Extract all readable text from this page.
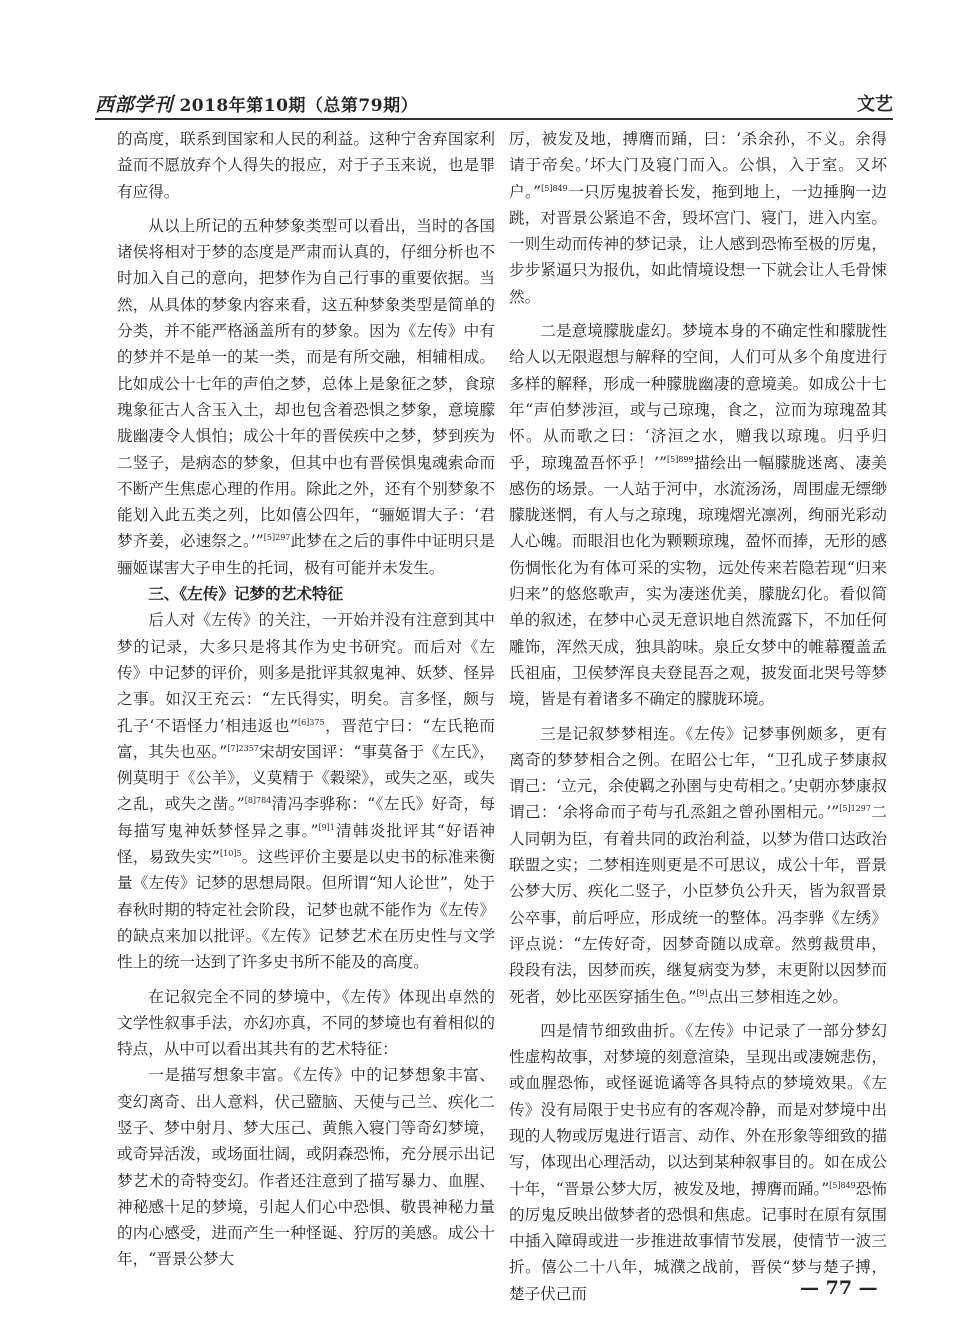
西部学刊 2018年第10期（总第79期）	文艺

的高度，联系到国家和人民的利益。这种宁舍弃国家利益而不愿放弃个人得失的报应，对于子玉来说，也是罪有应得。

从以上所记的五种梦象类型可以看出，当时的各国诸侯将相对于梦的态度是严肃而认真的，仔细分析也不时加入自己的意向，把梦作为自己行事的重要依据。当然，从具体的梦象内容来看，这五种梦象类型是简单的分类，并不能严格涵盖所有的梦象。因为《左传》中有的梦并不是单一的某一类，而是有所交融，相辅相成。比如成公十七年的声伯之梦，总体上是象征之梦，食琼瑰象征古人含玉入土，却也包含着恐惧之梦象，意境朦胧幽凄令人惧怕；成公十年的晋侯疾中之梦，梦到疾为二竖子，是病态的梦象，但其中也有晋侯惧鬼魂索命而不断产生焦虑心理的作用。除此之外，还有个别梦象不能划入此五类之列，比如僖公四年，“骊姬谓大子：‘君梦齐姜，必速祭之。’”$^{[5]297}$此梦在之后的事件中证明只是骊姬谋害大子申生的托词，极有可能并未发生。

三、《左传》记梦的艺术特征

后人对《左传》的关注，一开始并没有注意到其中梦的记录，大多只是将其作为史书研究。而后对《左传》中记梦的评价，则多是批评其叙鬼神、妖梦、怪异之事。如汉王充云：“左氏得实，明矣。言多怪，颇与孔子‘不语怪力’相违返也”$^{[6]375}$，晋范宁曰：“左氏艳而富，其失也巫。”$^{[7]2357}$宋胡安国评：“事莫备于《左氏》，例莫明于《公羊》，义莫精于《穀梁》，或失之巫，或失之乱，或失之凿。”$^{[8]784}$清冯李骅称：“《左氏》好奇，每每描写鬼神妖梦怪异之事。”$^{[9]1}$清韩炎批评其“好语神怪，易致失实”$^{[10]5}$。这些评价主要是以史书的标准来衡量《左传》记梦的思想局限。但所谓“知人论世”，处于春秋时期的特定社会阶段，记梦也就不能作为《左传》的缺点来加以批评。《左传》记梦艺术在历史性与文学性上的统一达到了许多史书所不能及的高度。

在记叙完全不同的梦境中，《左传》体现出卓然的文学性叙事手法，亦幻亦真，不同的梦境也有着相似的特点，从中可以看出其共有的艺术特征：

一是描写想象丰富。《左传》中的记梦想象丰富、变幻离奇、出人意料，伏己盬脑、天使与己兰、疾化二竖子、梦中射月、梦大压己、黄熊入寝门等奇幻梦境，或奇异活泼，或场面壮阔，或阴森恐怖，充分展示出记梦艺术的奇特变幻。作者还注意到了描写暴力、血腥、神秘感十足的梦境，引起人们心中恐惧、敬畏神秘力量的内心感受，进而产生一种怪诞、狞厉的美感。成公十年，“晋景公梦大

厉，被发及地，搏膺而踊，曰：‘杀余孙，不义。余得请于帝矣。’坏大门及寝门而入。公惧，入于室。又坏户。”$^{[5]849}$一只厉鬼披着长发，拖到地上，一边捶胸一边跳，对晋景公紧追不舍，毁坏宫门、寝门，进入内室。一则生动而传神的梦记录，让人感到恐怖至极的厉鬼，步步紧逼只为报仇，如此情境设想一下就会让人毛骨悚然。

二是意境朦胧虚幻。梦境本身的不确定性和朦胧性给人以无限遐想与解释的空间，人们可从多个角度进行多样的解释，形成一种朦胧幽凄的意境美。如成公十七年“声伯梦涉洹，或与己琼瑰，食之，泣而为琼瑰盈其怀。从而歌之曰：‘济洹之水，赠我以琼瑰。归乎归乎，琼瑰盈吾怀乎！’”$^{[5]899}$描绘出一幅朦胧迷离、凄美感伤的场景。一人站于河中，水流汤汤，周围虚无缥缈朦胧迷惘，有人与之琼瑰，琼瑰熠光凛冽，绚丽光彩动人心魄。而眼泪也化为颗颗琼瑰，盈怀而捧，无形的感伤惆怅化为有体可采的实物，远处传来若隐若现“归来归来”的悠悠歌声，实为凄迷优美，朦胧幻化。看似简单的叙述，在梦中心灵无意识地自然流露下，不加任何雕饰，浑然天成，独具韵味。泉丘女梦中的帷幕覆盖孟氏祖庙，卫侯梦浑良夫登昆吾之观，披发面北哭号等梦境，皆是有着诸多不确定的朦胧环境。

三是记叙梦梦相连。《左传》记梦事例颇多，更有离奇的梦梦相合之例。在昭公七年，“卫孔成子梦康叔谓己：‘立元，余使羁之孙圉与史苟相之。’史朝亦梦康叔谓己：‘余将命而子苟与孔烝鉏之曾孙圉相元。’”$^{[5]1297}$二人同朝为臣，有着共同的政治利益，以梦为借口达政治联盟之实；二梦相连则更是不可思议，成公十年，晋景公梦大厉、疾化二竖子，小臣梦负公升天，皆为叙晋景公卒事，前后呼应，形成统一的整体。冯李骅《左绣》评点说：“左传好奇，因梦奇随以成章。然剪裁贯串，段段有法，因梦而疾，继复病变为梦，末更附以因梦而死者，妙比巫医穿插生色。”[9]点出三梦相连之妙。

四是情节细致曲折。《左传》中记录了一部分梦幻性虚构故事，对梦境的刻意渲染，呈现出或凄婉悲伤，或血腥恐怖，或怪诞诡谲等各具特点的梦境效果。《左传》没有局限于史书应有的客观冷静，而是对梦境中出现的人物或厉鬼进行语言、动作、外在形象等细致的描写，体现出心理活动，以达到某种叙事目的。如在成公十年，“晋景公梦大厉，被发及地，搏膺而踊。”$^{[5]849}$恐怖的厉鬼反映出做梦者的恐惧和焦虑。记事时在原有氛围中插入障碍或进一步推进故事情节发展，使情节一波三折。僖公二十八年，城濮之战前，晋侯“梦与楚子搏，楚子伏己而	— 77 —
